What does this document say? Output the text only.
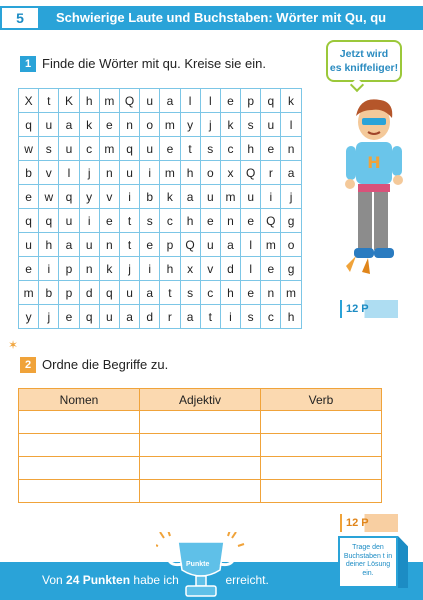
5	Schwierige Laute und Buchstaben: Wörter mit Qu, qu
1 Finde die Wörter mit qu. Kreise sie ein.
X	t	K	h	m	Q	u	a	l	l	e	p	q	k
q	u	a	k	e	n	o	m	y	j	k	s	u	l
w	s	u	c	m	q	u	e	t	s	c	h	e	n
b	v	l	j	n	u	i	m	h	o	x	Q	r	a
e	w	q	y	v	i	b	k	a	u	m	u	i	j
q	q	u	i	e	t	s	c	h	e	n	e	Q	g
u	h	a	u	n	t	e	p	Q	u	a	l	m	o
e	i	p	n	k	j	i	h	x	v	d	l	e	g
m	b	p	d	q	u	a	t	s	c	h	e	n	m
y	j	e	q	u	a	d	r	a	t	i	s	c	h
12 P
Jetzt wird
es kniffeliger!
H
✶
2 Ordne die Begriffe zu.
Nomen	Adjektiv	Verb

12 P
Punkte
Von 24 Punkten habe ich	erreicht.
Trage den Buchstaben t in deiner Lösung ein.
